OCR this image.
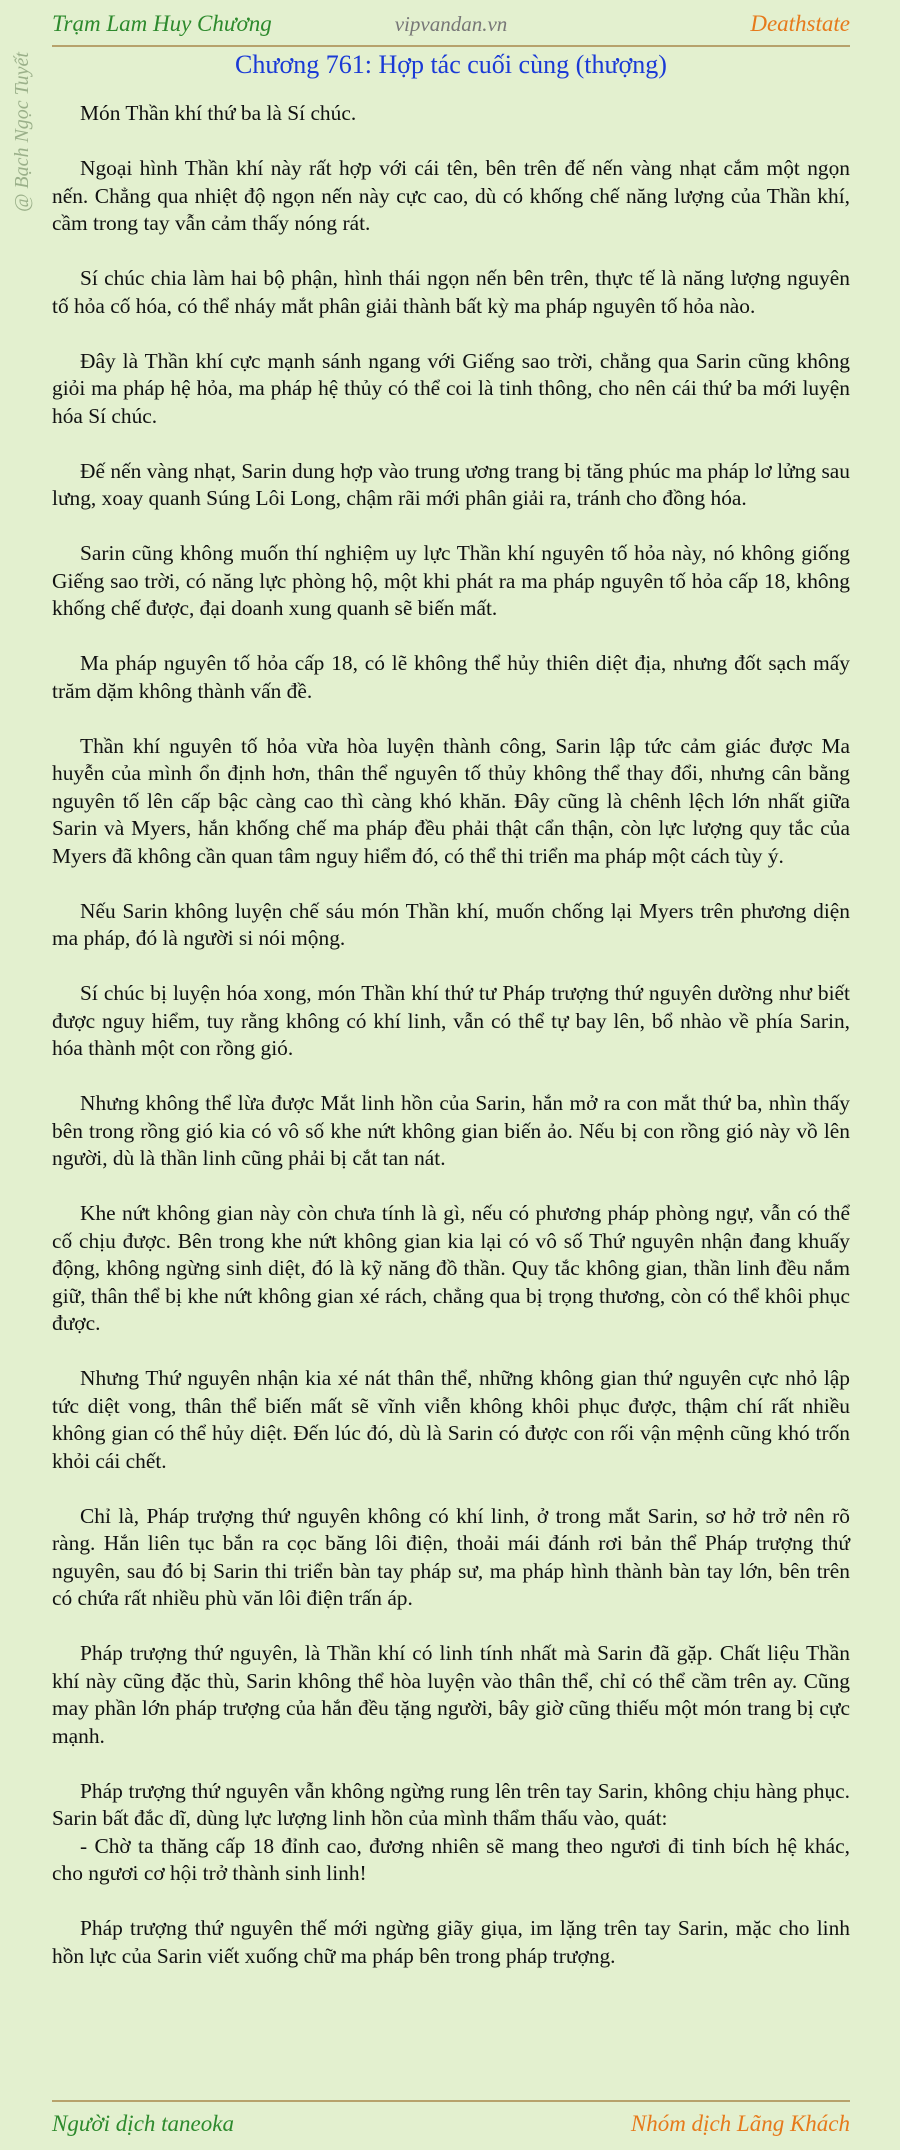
Trạm Lam Huy Chương	vipvandan.vn	Deathstate
@ Bạch Ngọc Tuyết	Chương 761: Hợp tác cuối cùng (thượng)

Món Thần khí thứ ba là Sí chúc.

Ngoại hình Thần khí này rất hợp với cái tên, bên trên đế nến vàng nhạt cắm một ngọn nến. Chẳng qua nhiệt độ ngọn nến này cực cao, dù có khống chế năng lượng của Thần khí, cầm trong tay vẫn cảm thấy nóng rát.

Sí chúc chia làm hai bộ phận, hình thái ngọn nến bên trên, thực tế là năng lượng nguyên tố hỏa cố hóa, có thể nháy mắt phân giải thành bất kỳ ma pháp nguyên tố hỏa nào.

Đây là Thần khí cực mạnh sánh ngang với Giếng sao trời, chẳng qua Sarin cũng không giỏi ma pháp hệ hỏa, ma pháp hệ thủy có thể coi là tinh thông, cho nên cái thứ ba mới luyện hóa Sí chúc.

Đế nến vàng nhạt, Sarin dung hợp vào trung ương trang bị tăng phúc ma pháp lơ lửng sau lưng, xoay quanh Súng Lôi Long, chậm rãi mới phân giải ra, tránh cho đồng hóa.

Sarin cũng không muốn thí nghiệm uy lực Thần khí nguyên tố hỏa này, nó không giống Giếng sao trời, có năng lực phòng hộ, một khi phát ra ma pháp nguyên tố hỏa cấp 18, không khống chế được, đại doanh xung quanh sẽ biến mất.

Ma pháp nguyên tố hỏa cấp 18, có lẽ không thể hủy thiên diệt địa, nhưng đốt sạch mấy trăm dặm không thành vấn đề.

Thần khí nguyên tố hỏa vừa hòa luyện thành công, Sarin lập tức cảm giác được Ma huyễn của mình ổn định hơn, thân thể nguyên tố thủy không thể thay đổi, nhưng cân bằng nguyên tố lên cấp bậc càng cao thì càng khó khăn. Đây cũng là chênh lệch lớn nhất giữa Sarin và Myers, hắn khống chế ma pháp đều phải thật cẩn thận, còn lực lượng quy tắc của Myers đã không cần quan tâm nguy hiểm đó, có thể thi triển ma pháp một cách tùy ý.

Nếu Sarin không luyện chế sáu món Thần khí, muốn chống lại Myers trên phương diện ma pháp, đó là người si nói mộng.

Sí chúc bị luyện hóa xong, món Thần khí thứ tư Pháp trượng thứ nguyên dường như biết được nguy hiểm, tuy rằng không có khí linh, vẫn có thể tự bay lên, bổ nhào về phía Sarin, hóa thành một con rồng gió.

Nhưng không thể lừa được Mắt linh hồn của Sarin, hắn mở ra con mắt thứ ba, nhìn thấy bên trong rồng gió kia có vô số khe nứt không gian biến ảo. Nếu bị con rồng gió này vồ lên người, dù là thần linh cũng phải bị cắt tan nát.

Khe nứt không gian này còn chưa tính là gì, nếu có phương pháp phòng ngự, vẫn có thể cố chịu được. Bên trong khe nứt không gian kia lại có vô số Thứ nguyên nhận đang khuấy động, không ngừng sinh diệt, đó là kỹ năng đồ thần. Quy tắc không gian, thần linh đều nắm giữ, thân thể bị khe nứt không gian xé rách, chẳng qua bị trọng thương, còn có thể khôi phục được.

Nhưng Thứ nguyên nhận kia xé nát thân thể, những không gian thứ nguyên cực nhỏ lập tức diệt vong, thân thể biến mất sẽ vĩnh viễn không khôi phục được, thậm chí rất nhiều không gian có thể hủy diệt. Đến lúc đó, dù là Sarin có được con rối vận mệnh cũng khó trốn khỏi cái chết.

Chỉ là, Pháp trượng thứ nguyên không có khí linh, ở trong mắt Sarin, sơ hở trở nên rõ ràng. Hắn liên tục bắn ra cọc băng lôi điện, thoải mái đánh rơi bản thể Pháp trượng thứ nguyên, sau đó bị Sarin thi triển bàn tay pháp sư, ma pháp hình thành bàn tay lớn, bên trên có chứa rất nhiều phù văn lôi điện trấn áp.

Pháp trượng thứ nguyên, là Thần khí có linh tính nhất mà Sarin đã gặp. Chất liệu Thần khí này cũng đặc thù, Sarin không thể hòa luyện vào thân thể, chỉ có thể cầm trên ay. Cũng may phần lớn pháp trượng của hắn đều tặng người, bây giờ cũng thiếu một món trang bị cực mạnh.

Pháp trượng thứ nguyên vẫn không ngừng rung lên trên tay Sarin, không chịu hàng phục. Sarin bất đắc dĩ, dùng lực lượng linh hồn của mình thẩm thấu vào, quát:

- Chờ ta thăng cấp 18 đỉnh cao, đương nhiên sẽ mang theo ngươi đi tinh bích hệ khác, cho ngươi cơ hội trở thành sinh linh!

Pháp trượng thứ nguyên thế mới ngừng giãy giụa, im lặng trên tay Sarin, mặc cho linh hồn lực của Sarin viết xuống chữ ma pháp bên trong pháp trượng.

Người dịch taneoka	Nhóm dịch Lãng Khách
